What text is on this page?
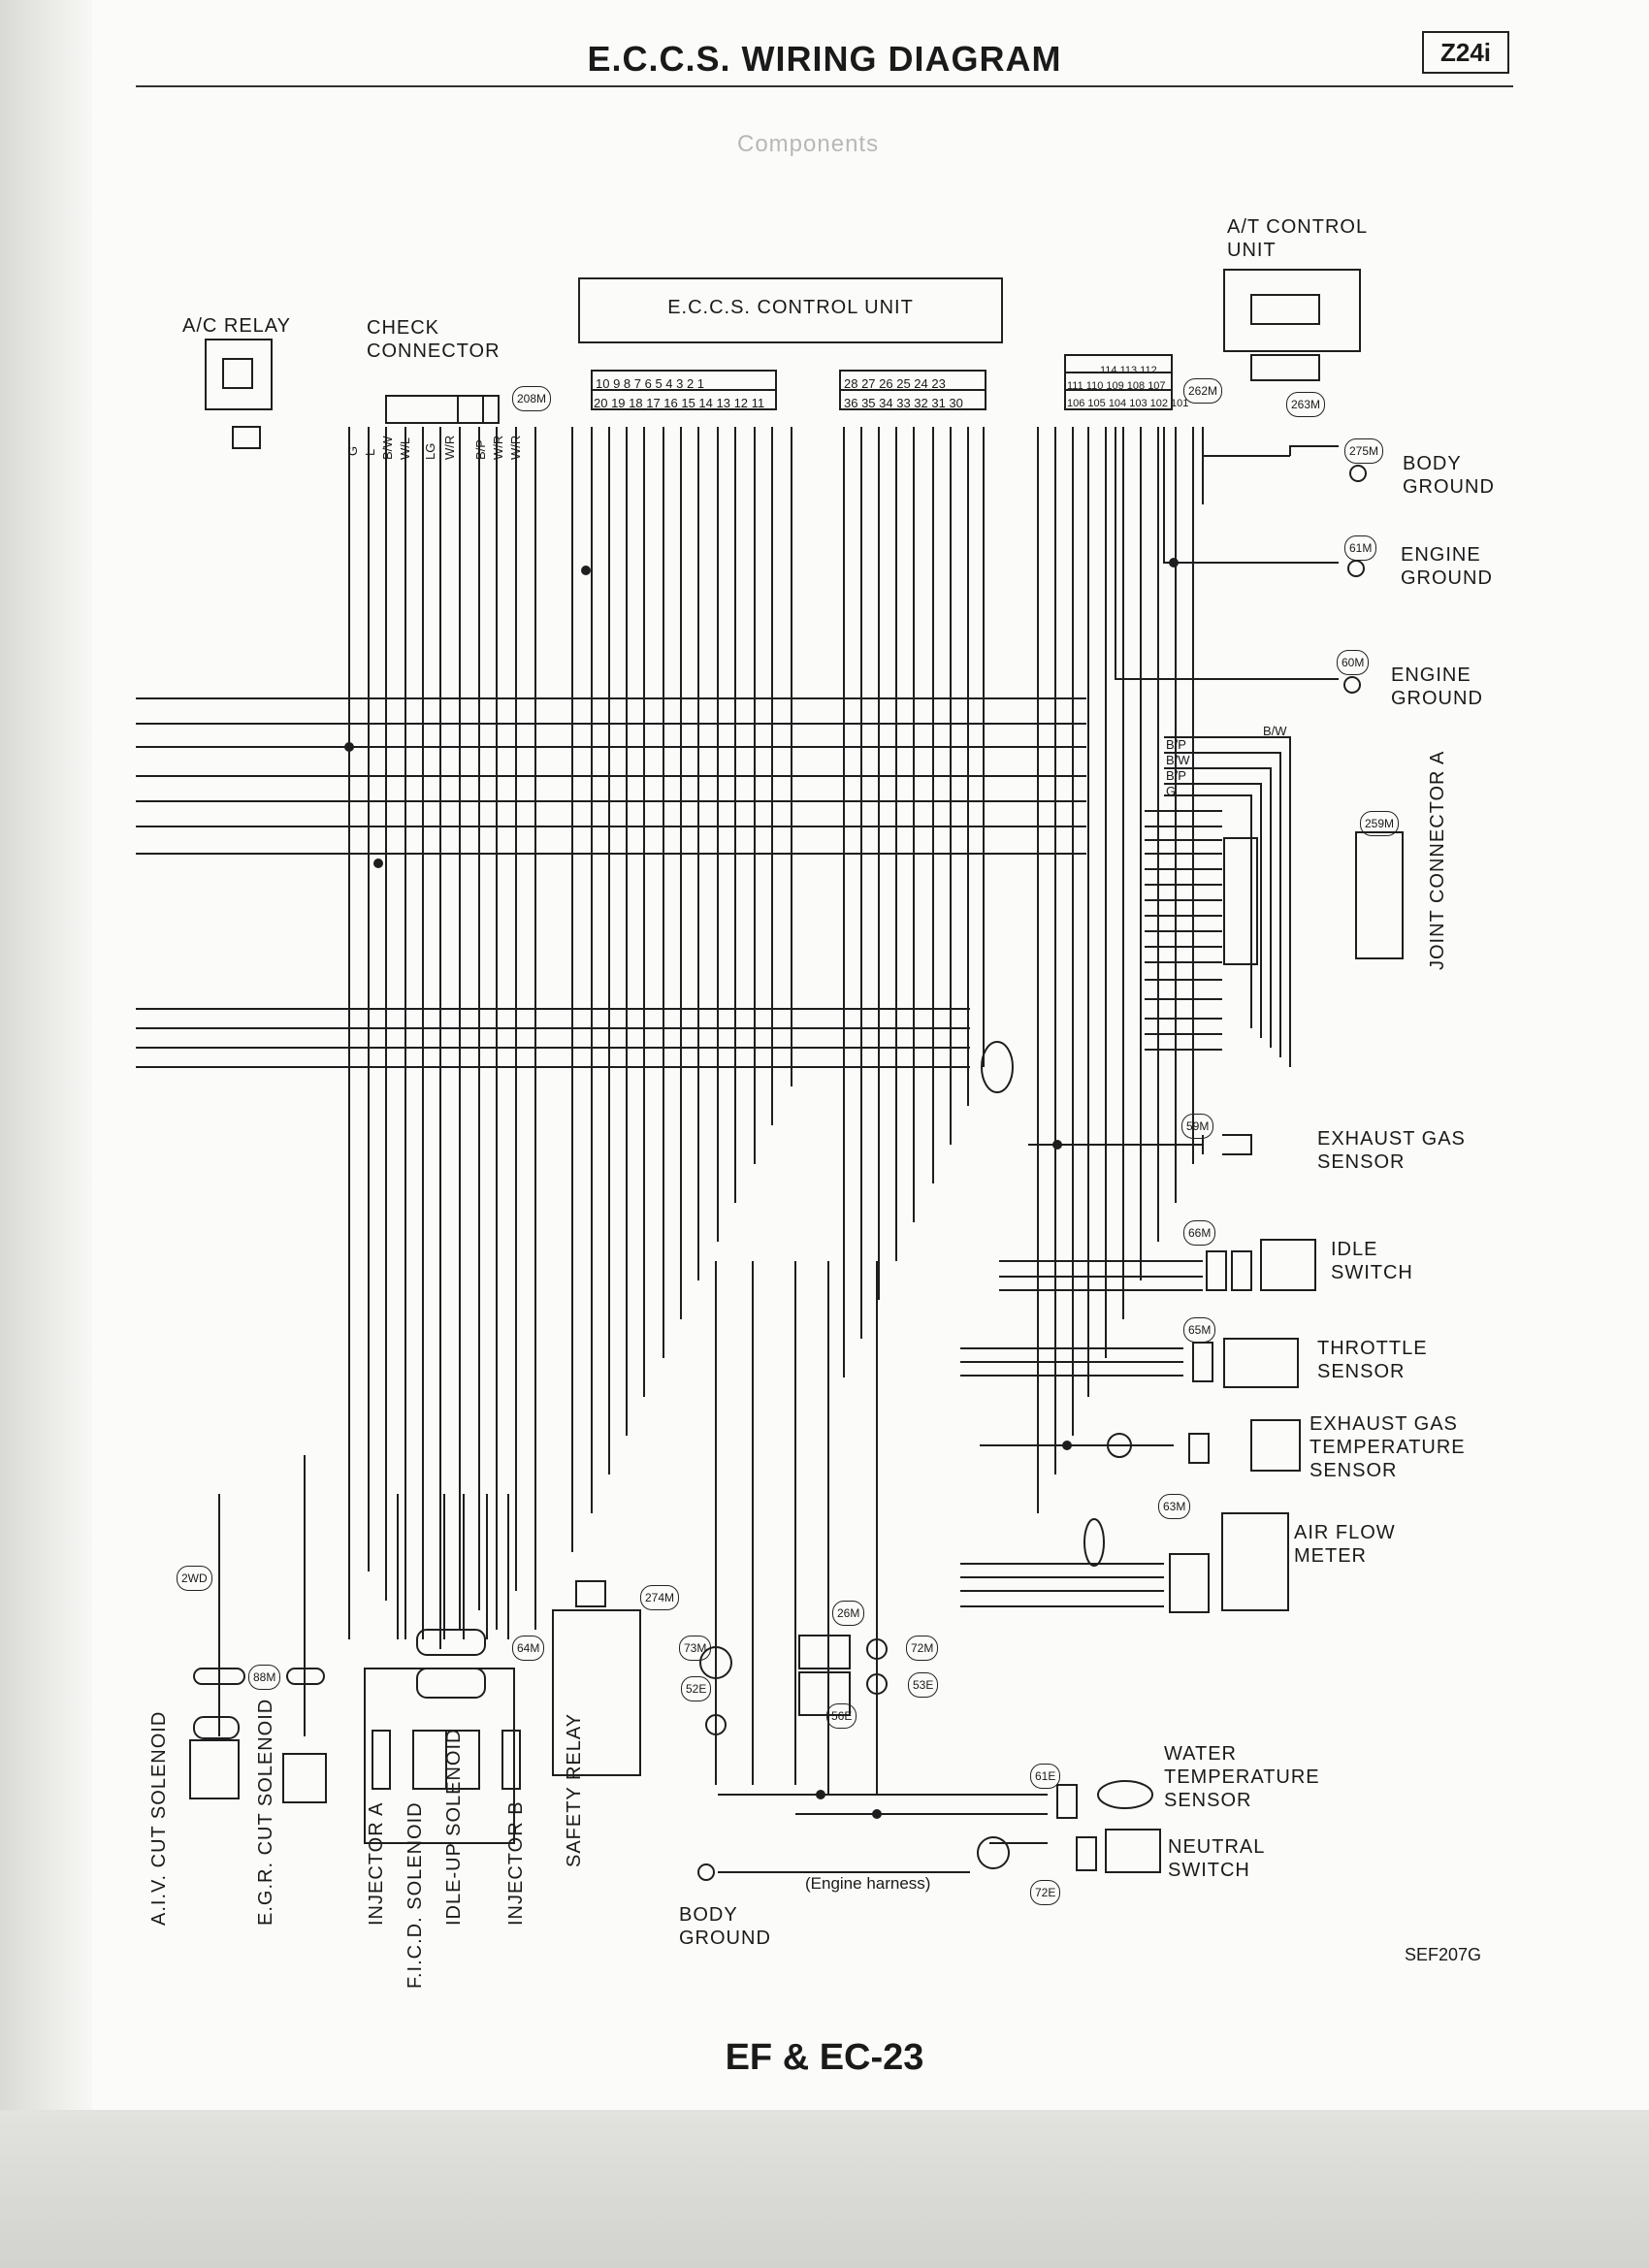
Components
E.C.C.S. WIRING DIAGRAM	Z24i
E.C.C.S. CONTROL UNIT
A/T CONTROL
UNIT
A/C RELAY	CHECK
CONNECTOR
BODY
GROUND
ENGINE
GROUND
ENGINE
GROUND
JOINT CONNECTOR A
EXHAUST GAS
SENSOR
IDLE
SWITCH
THROTTLE
SENSOR
EXHAUST GAS
TEMPERATURE
SENSOR
AIR FLOW
METER
WATER
TEMPERATURE
SENSOR
NEUTRAL
SWITCH
BODY
GROUND
(Engine harness)
A.I.V. CUT SOLENOID	E.G.R. CUT SOLENOID	INJECTOR A F.I.C.D. SOLENOID IDLE-UP SOLENOID INJECTOR B SAFETY RELAY
10 9 8 7 6 5 4 3 2 1
20 19 18 17 16 15 14 13 12 11
28 27 26 25 24 23
36 35 34 33 32 31 30
114 113 112
111 110 109 108 107
106 105 104 103 102 101
G L B/W W/L LG W/R	B/P W/R W/R
B/W
B/P
B/W
B/P
G
208M
262M
263M
275M
61M
60M
259M
59M
66M
65M
63M
64M
274M
73M
26M
72M
52E
56E
53E
61E
72E
88M
2WD
EF & EC-23
SEF207G
